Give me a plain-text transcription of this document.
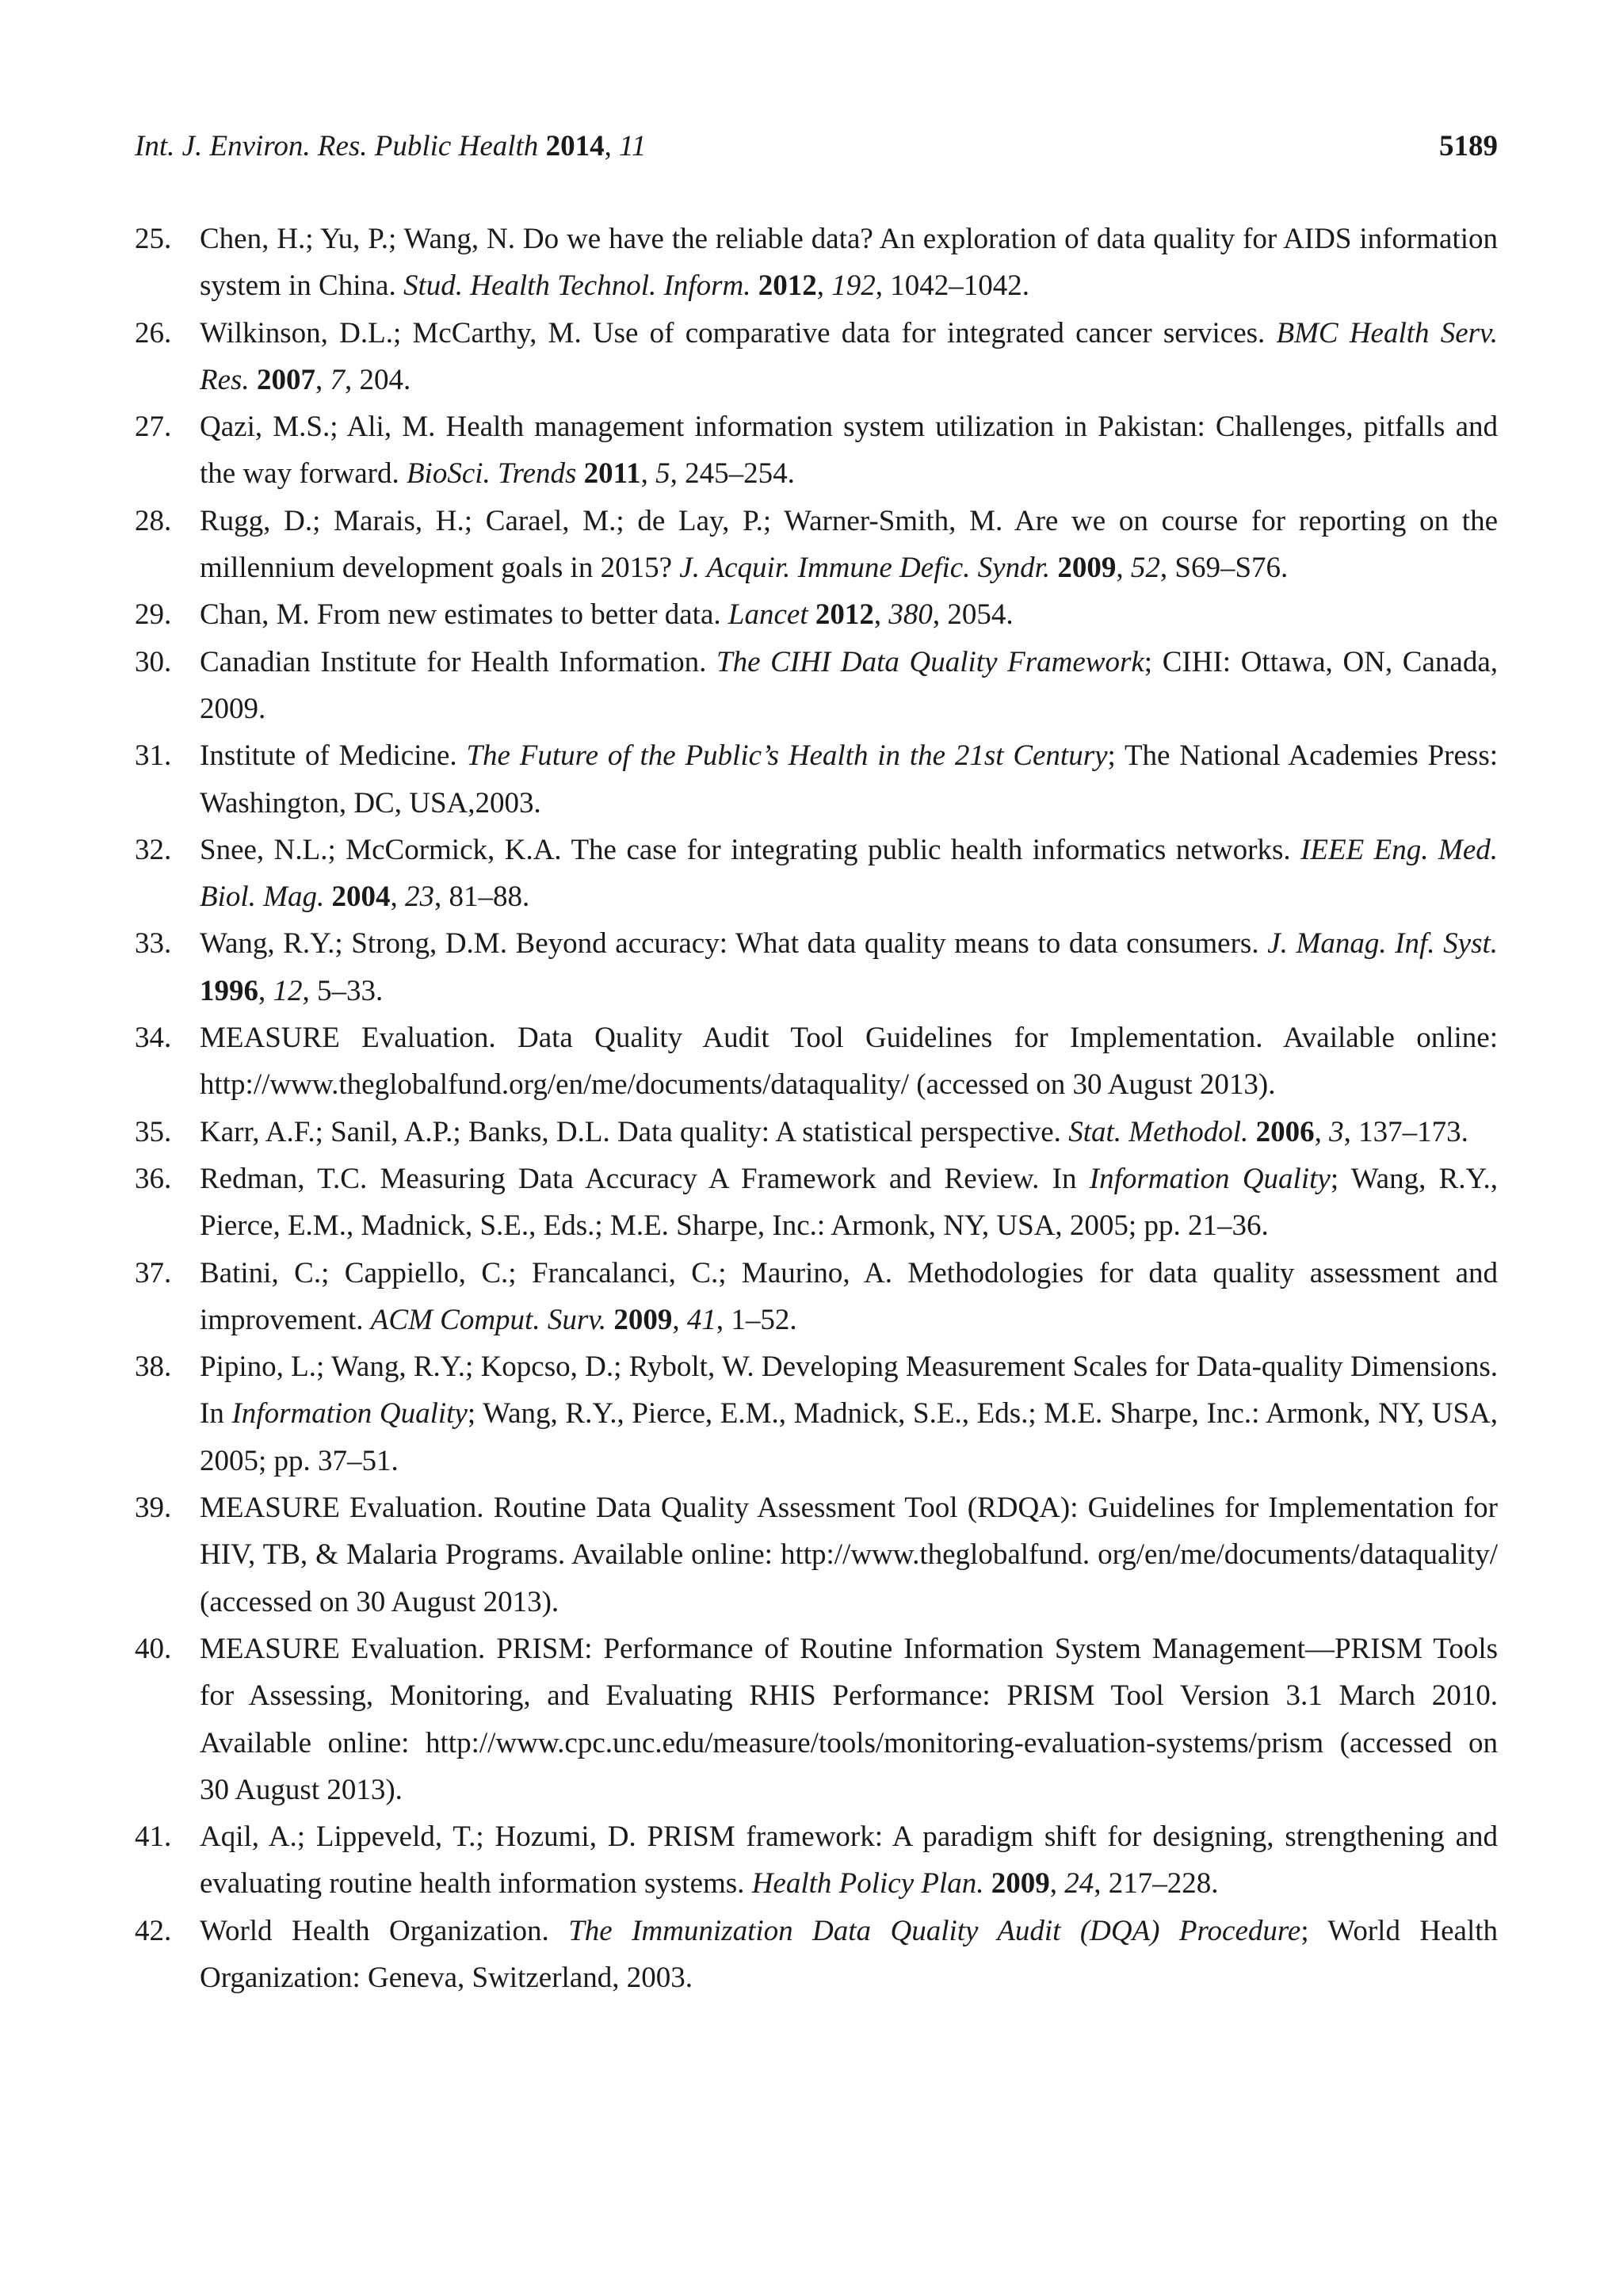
Int. J. Environ. Res. Public Health 2014, 11	5189
25. Chen, H.; Yu, P.; Wang, N. Do we have the reliable data? An exploration of data quality for AIDS information system in China. Stud. Health Technol. Inform. 2012, 192, 1042–1042.
26. Wilkinson, D.L.; McCarthy, M. Use of comparative data for integrated cancer services. BMC Health Serv. Res. 2007, 7, 204.
27. Qazi, M.S.; Ali, M. Health management information system utilization in Pakistan: Challenges, pitfalls and the way forward. BioSci. Trends 2011, 5, 245–254.
28. Rugg, D.; Marais, H.; Carael, M.; de Lay, P.; Warner-Smith, M. Are we on course for reporting on the millennium development goals in 2015? J. Acquir. Immune Defic. Syndr. 2009, 52, S69–S76.
29. Chan, M. From new estimates to better data. Lancet 2012, 380, 2054.
30. Canadian Institute for Health Information. The CIHI Data Quality Framework; CIHI: Ottawa, ON, Canada, 2009.
31. Institute of Medicine. The Future of the Public’s Health in the 21st Century; The National Academies Press: Washington, DC, USA,2003.
32. Snee, N.L.; McCormick, K.A. The case for integrating public health informatics networks. IEEE Eng. Med. Biol. Mag. 2004, 23, 81–88.
33. Wang, R.Y.; Strong, D.M. Beyond accuracy: What data quality means to data consumers. J. Manag. Inf. Syst. 1996, 12, 5–33.
34. MEASURE Evaluation. Data Quality Audit Tool Guidelines for Implementation. Available online: http://www.theglobalfund.org/en/me/documents/dataquality/ (accessed on 30 August 2013).
35. Karr, A.F.; Sanil, A.P.; Banks, D.L. Data quality: A statistical perspective. Stat. Methodol. 2006, 3, 137–173.
36. Redman, T.C. Measuring Data Accuracy A Framework and Review. In Information Quality; Wang, R.Y., Pierce, E.M., Madnick, S.E., Eds.; M.E. Sharpe, Inc.: Armonk, NY, USA, 2005; pp. 21–36.
37. Batini, C.; Cappiello, C.; Francalanci, C.; Maurino, A. Methodologies for data quality assessment and improvement. ACM Comput. Surv. 2009, 41, 1–52.
38. Pipino, L.; Wang, R.Y.; Kopcso, D.; Rybolt, W. Developing Measurement Scales for Data-quality Dimensions. In Information Quality; Wang, R.Y., Pierce, E.M., Madnick, S.E., Eds.; M.E. Sharpe, Inc.: Armonk, NY, USA, 2005; pp. 37–51.
39. MEASURE Evaluation. Routine Data Quality Assessment Tool (RDQA): Guidelines for Implementation for HIV, TB, & Malaria Programs. Available online: http://www.theglobalfund. org/en/me/documents/dataquality/ (accessed on 30 August 2013).
40. MEASURE Evaluation. PRISM: Performance of Routine Information System Management—PRISM Tools for Assessing, Monitoring, and Evaluating RHIS Performance: PRISM Tool Version 3.1 March 2010. Available online: http://www.cpc.unc.edu/measure/tools/monitoring-evaluation-systems/prism (accessed on 30 August 2013).
41. Aqil, A.; Lippeveld, T.; Hozumi, D. PRISM framework: A paradigm shift for designing, strengthening and evaluating routine health information systems. Health Policy Plan. 2009, 24, 217–228.
42. World Health Organization. The Immunization Data Quality Audit (DQA) Procedure; World Health Organization: Geneva, Switzerland, 2003.
